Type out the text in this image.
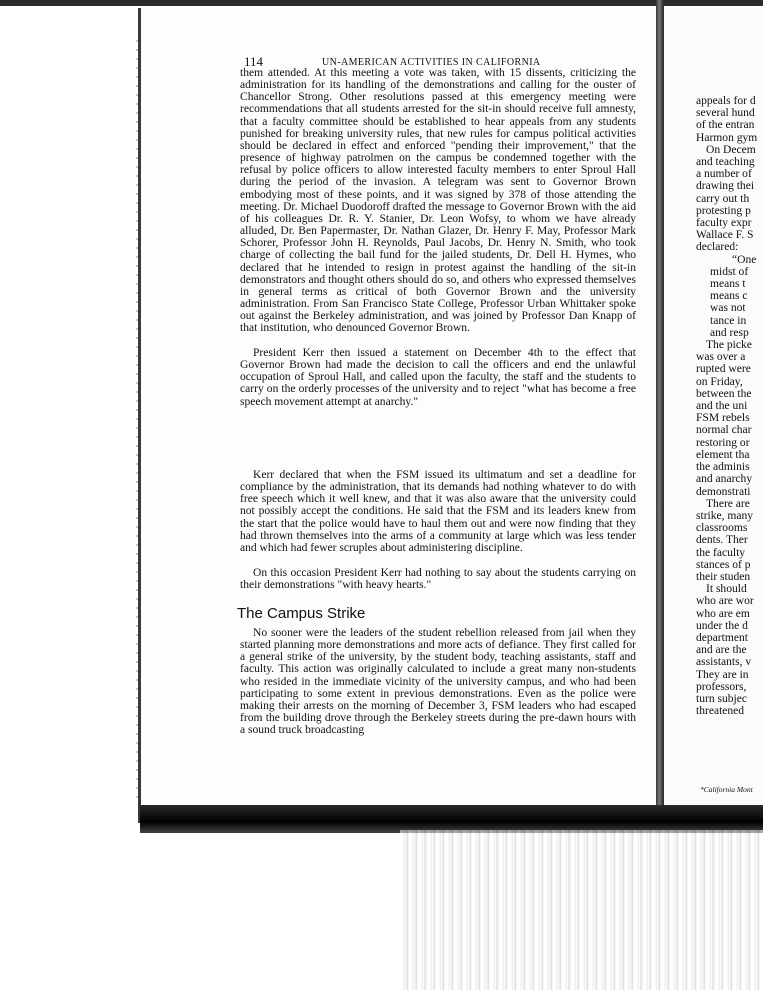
114	UN-AMERICAN ACTIVITIES IN CALIFORNIA

them attended. At this meeting a vote was taken, with 15 dissents, criticizing the administration for its handling of the demonstrations and calling for the ouster of Chancellor Strong. Other resolutions passed at this emergency meeting were recommendations that all students arrested for the sit-in should receive full amnesty, that a faculty committee should be established to hear appeals from any students punished for breaking university rules, that new rules for campus political activities should be declared in effect and enforced "pending their improvement," that the presence of highway patrolmen on the campus be condemned together with the refusal by police officers to allow interested faculty members to enter Sproul Hall during the period of the invasion. A telegram was sent to Governor Brown embodying most of these points, and it was signed by 378 of those attending the meeting. Dr. Michael Duodoroff drafted the message to Governor Brown with the aid of his colleagues Dr. R. Y. Stanier, Dr. Leon Wofsy, to whom we have already alluded, Dr. Ben Papermaster, Dr. Nathan Glazer, Dr. Henry F. May, Professor Mark Schorer, Professor John H. Reynolds, Paul Jacobs, Dr. Henry N. Smith, who took charge of collecting the bail fund for the jailed students, Dr. Dell H. Hymes, who declared that he intended to resign in protest against the handling of the sit-in demonstrators and thought others should do so, and others who expressed themselves in general terms as critical of both Governor Brown and the university administration. From San Francisco State College, Professor Urban Whittaker spoke out against the Berkeley administration, and was joined by Professor Dan Knapp of that institution, who denounced Governor Brown.

President Kerr then issued a statement on December 4th to the effect that Governor Brown had made the decision to call the officers and end the unlawful occupation of Sproul Hall, and called upon the faculty, the staff and the students to carry on the orderly processes of the university and to reject "what has become a free speech movement attempt at anarchy."

Kerr declared that when the FSM issued its ultimatum and set a deadline for compliance by the administration, that its demands had nothing whatever to do with free speech which it well knew, and that it was also aware that the university could not possibly accept the conditions. He said that the FSM and its leaders knew from the start that the police would have to haul them out and were now finding that they had thrown themselves into the arms of a community at large which was less tender and which had fewer scruples about administering discipline.

On this occasion President Kerr had nothing to say about the students carrying on their demonstrations "with heavy hearts."

The Campus Strike

No sooner were the leaders of the student rebellion released from jail when they started planning more demonstrations and more acts of defiance. They first called for a general strike of the university, by the student body, teaching assistants, staff and faculty. This action was originally calculated to include a great many non-students who resided in the immediate vicinity of the university campus, and who had been participating to some extent in previous demonstrations. Even as the police were making their arrests on the morning of December 3, FSM leaders who had escaped from the building drove through the Berkeley streets during the pre-dawn hours with a sound truck broadcasting

appeals for d
several hund
of the entran
Harmon gym
On Decem
and teaching
a number of
drawing thei
carry out th
protesting p
faculty expr
Wallace F. S
declared:
“One
midst of
means t
means c
was not
tance in
and resp
The picke
was over a
rupted were
on Friday,
between the
and the uni
FSM rebels
normal char
restoring or
element tha
the adminis
and anarchy
demonstrati
There are
strike, many
classrooms
dents. Ther
the faculty
stances of p
their studen
It should
who are wor
who are em
under the d
department
and are the
assistants, v
They are in
professors,
turn subjec
threatened
*California Mont
